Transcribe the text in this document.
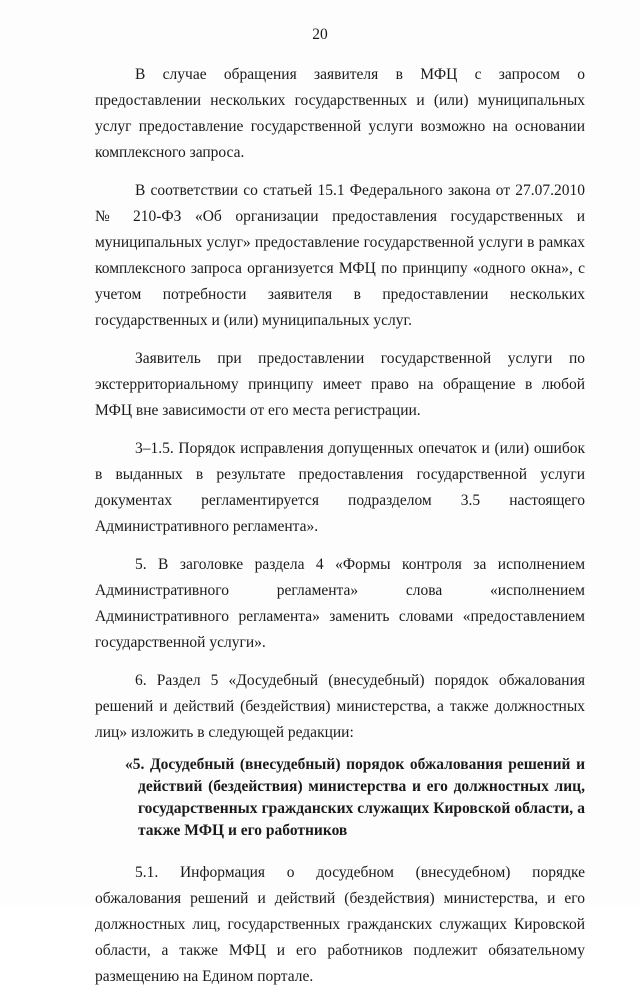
20

В случае обращения заявителя в МФЦ с запросом о предоставлении нескольких государственных и (или) муниципальных услуг предоставление государственной услуги возможно на основании комплексного запроса.

В соответствии со статьей 15.1 Федерального закона от 27.07.2010 № 210-ФЗ «Об организации предоставления государственных и муниципальных услуг» предоставление государственной услуги в рамках комплексного запроса организуется МФЦ по принципу «одного окна», с учетом потребности заявителя в предоставлении нескольких государственных и (или) муниципальных услуг.

Заявитель при предоставлении государственной услуги по экстерриториальному принципу имеет право на обращение в любой МФЦ вне зависимости от его места регистрации.

3–1.5. Порядок исправления допущенных опечаток и (или) ошибок в выданных в результате предоставления государственной услуги документах регламентируется подразделом 3.5 настоящего Административного регламента».

5. В заголовке раздела 4 «Формы контроля за исполнением Административного регламента» слова «исполнением Административного регламента» заменить словами «предоставлением государственной услуги».

6. Раздел 5 «Досудебный (внесудебный) порядок обжалования решений и действий (бездействия) министерства, а также должностных лиц» изложить в следующей редакции:

«5. Досудебный (внесудебный) порядок обжалования решений и действий (бездействия) министерства и его должностных лиц, государственных гражданских служащих Кировской области, а также МФЦ и его работников

5.1. Информация о досудебном (внесудебном) порядке обжалования решений и действий (бездействия) министерства, и его должностных лиц, государственных гражданских служащих Кировской области, а также МФЦ и его работников подлежит обязательному размещению на Едином портале.
